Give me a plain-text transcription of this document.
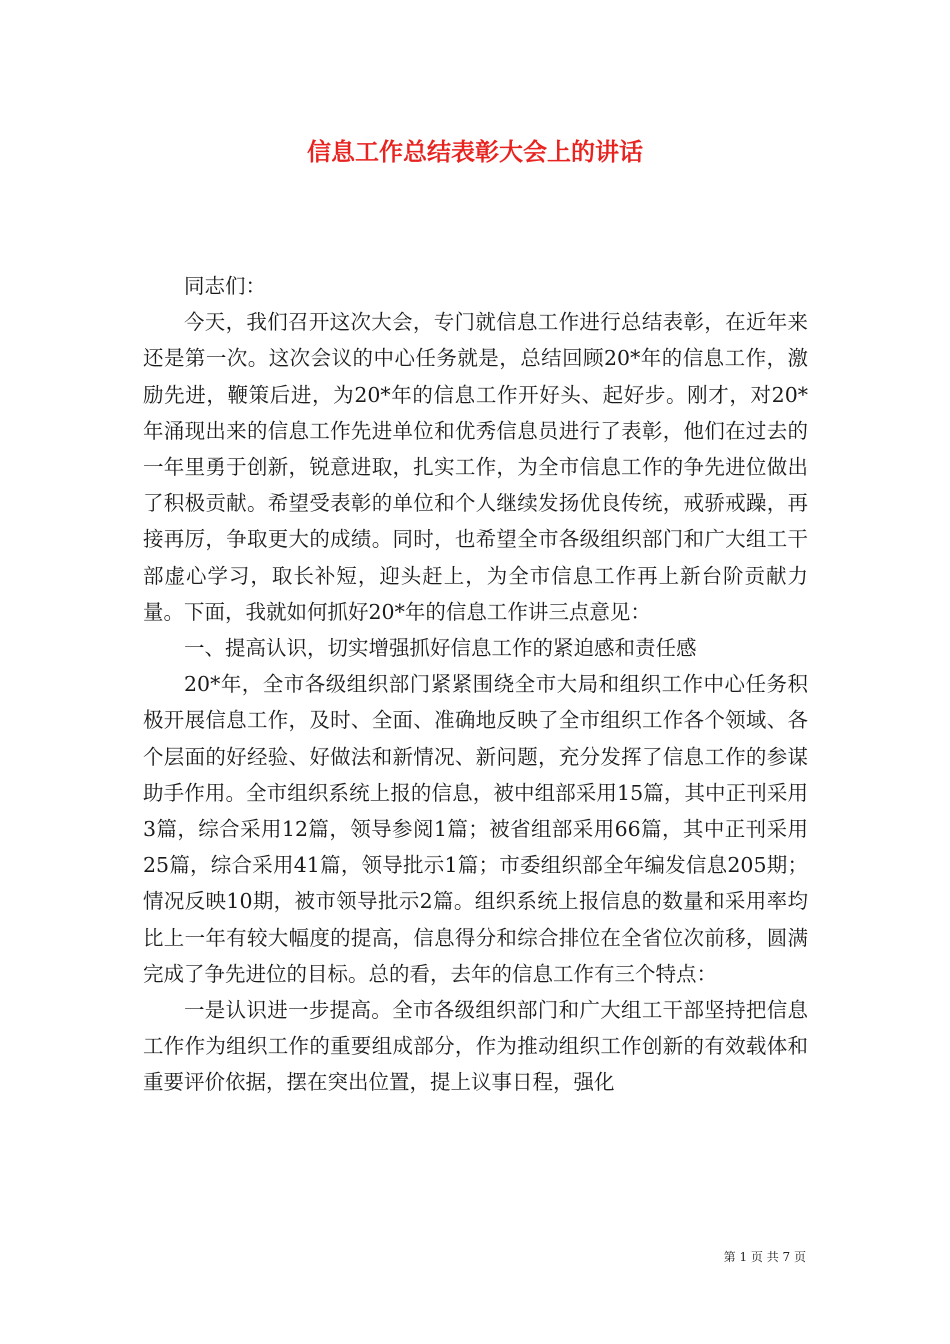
信息工作总结表彰大会上的讲话

同志们：

今天，我们召开这次大会，专门就信息工作进行总结表彰，在近年来还是第一次。这次会议的中心任务就是，总结回顾20*年的信息工作，激励先进，鞭策后进，为20*年的信息工作开好头、起好步。刚才，对20*年涌现出来的信息工作先进单位和优秀信息员进行了表彰，他们在过去的一年里勇于创新，锐意进取，扎实工作，为全市信息工作的争先进位做出了积极贡献。希望受表彰的单位和个人继续发扬优良传统，戒骄戒躁，再接再厉，争取更大的成绩。同时，也希望全市各级组织部门和广大组工干部虚心学习，取长补短，迎头赶上，为全市信息工作再上新台阶贡献力量。下面，我就如何抓好20*年的信息工作讲三点意见：

一、提高认识，切实增强抓好信息工作的紧迫感和责任感

20*年，全市各级组织部门紧紧围绕全市大局和组织工作中心任务积极开展信息工作，及时、全面、准确地反映了全市组织工作各个领域、各个层面的好经验、好做法和新情况、新问题，充分发挥了信息工作的参谋助手作用。全市组织系统上报的信息，被中组部采用15篇，其中正刊采用3篇，综合采用12篇，领导参阅1篇；被省组部采用66篇，其中正刊采用25篇，综合采用41篇，领导批示1篇；市委组织部全年编发信息205期；情况反映10期，被市领导批示2篇。组织系统上报信息的数量和采用率均比上一年有较大幅度的提高，信息得分和综合排位在全省位次前移，圆满完成了争先进位的目标。总的看，去年的信息工作有三个特点：

一是认识进一步提高。全市各级组织部门和广大组工干部坚持把信息工作作为组织工作的重要组成部分，作为推动组织工作创新的有效载体和重要评价依据，摆在突出位置，提上议事日程，强化

第 1 页 共 7 页
